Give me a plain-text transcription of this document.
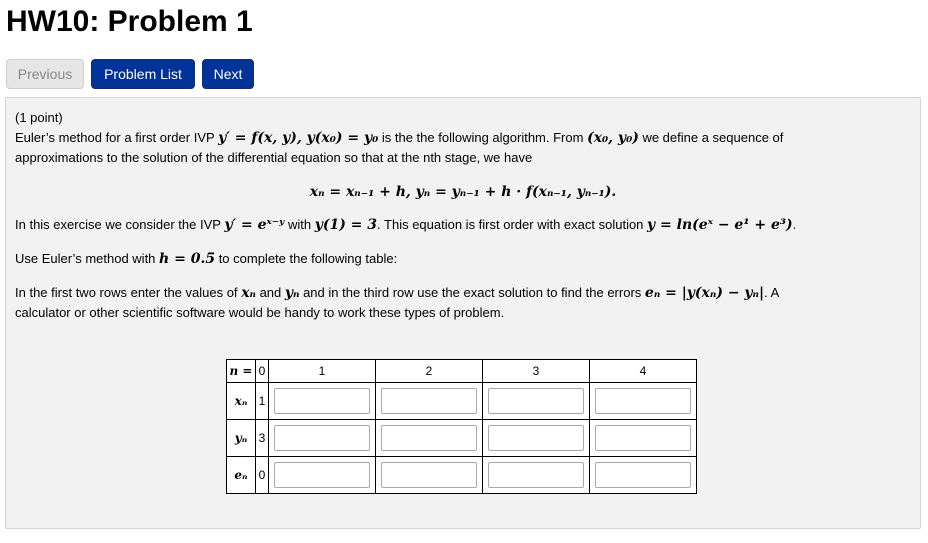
HW10: Problem 1
Previous	Problem List	Next
(1 point)
Euler’s method for a first order IVP y′ = f(x, y), y(x₀) = y₀ is the the following algorithm. From (x₀, y₀) we define a sequence of
approximations to the solution of the differential equation so that at the nth stage, we have
xₙ = xₙ₋₁ + h, yₙ = yₙ₋₁ + h · f(xₙ₋₁, yₙ₋₁).
In this exercise we consider the IVP y′ = eˣ⁻ʸ with y(1) = 3. This equation is first order with exact solution y = ln(eˣ − e¹ + e³).
Use Euler’s method with h = 0.5 to complete the following table:
In the first two rows enter the values of xₙ and yₙ and in the third row use the exact solution to find the errors eₙ = |y(xₙ) − yₙ|. A
calculator or other scientific software would be handy to work these types of problem.
n =	0	1	2	3	4
xₙ	1	

yₙ	3	

eₙ	0	
